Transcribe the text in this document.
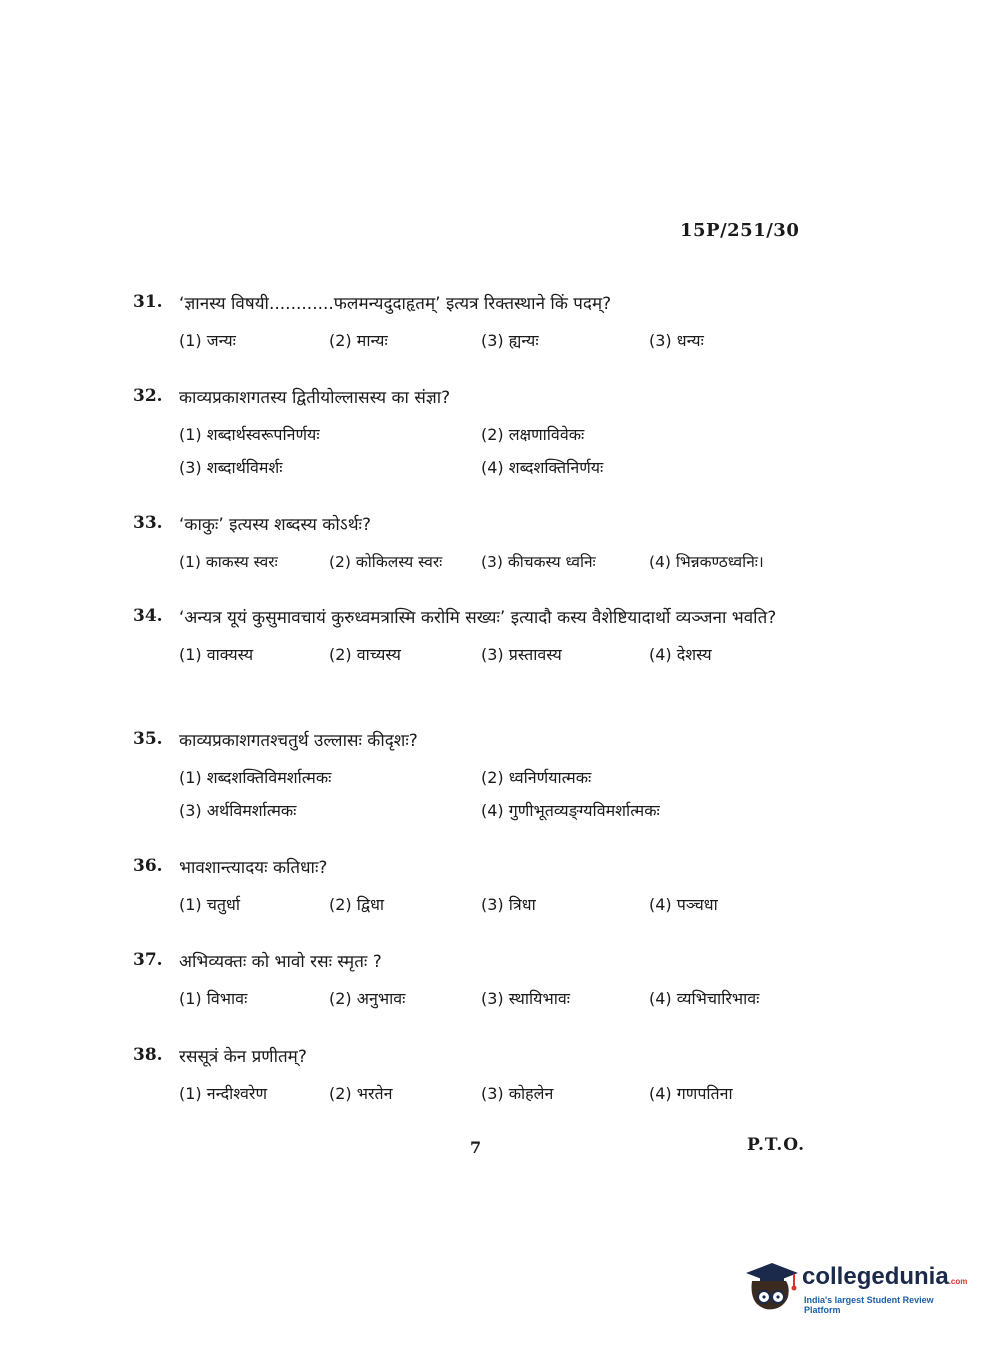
15P/251/30
31. ‘ज्ञानस्य विषयी............फलमन्यदुदाहृतम्’ इत्यत्र रिक्तस्थाने किं पदम्?
(1) जन्यः	(2) मान्यः	(3) ह्यन्यः	(3) धन्यः
32. काव्यप्रकाशगतस्य द्वितीयोल्लासस्य का संज्ञा?
(1) शब्दार्थस्वरूपनिर्णयः	(2) लक्षणाविवेकः
(3) शब्दार्थविमर्शः	(4) शब्दशक्तिनिर्णयः
33. ‘काकुः’ इत्यस्य शब्दस्य कोऽर्थः?
(1) काकस्य स्वरः	(2) कोकिलस्य स्वरः	(3) कीचकस्य ध्वनिः	(4) भिन्नकण्ठध्वनिः।
34. ‘अन्यत्र यूयं कुसुमावचायं कुरुध्वमत्रास्मि करोमि सख्यः’ इत्यादौ कस्य वैशेष्टियादार्थो व्यञ्जना भवति?
(1) वाक्यस्य	(2) वाच्यस्य	(3) प्रस्तावस्य	(4) देशस्य
35. काव्यप्रकाशगतश्चतुर्थ उल्लासः कीदृशः?
(1) शब्दशक्तिविमर्शात्मकः	(2) ध्वनिर्णयात्मकः
(3) अर्थविमर्शात्मकः	(4) गुणीभूतव्यङ्ग्यविमर्शात्मकः
36. भावशान्त्यादयः कतिधाः?
(1) चतुर्धा	(2) द्विधा	(3) त्रिधा	(4) पञ्चधा
37. अभिव्यक्तः को भावो रसः स्मृतः ?
(1) विभावः	(2) अनुभावः	(3) स्थायिभावः	(4) व्यभिचारिभावः
38. रससूत्रं केन प्रणीतम्?
(1) नन्दीश्वरेण	(2) भरतेन	(3) कोहलेन	(4) गणपतिना
7	P.T.O.
collegedunia.com
India's largest Student Review Platform
